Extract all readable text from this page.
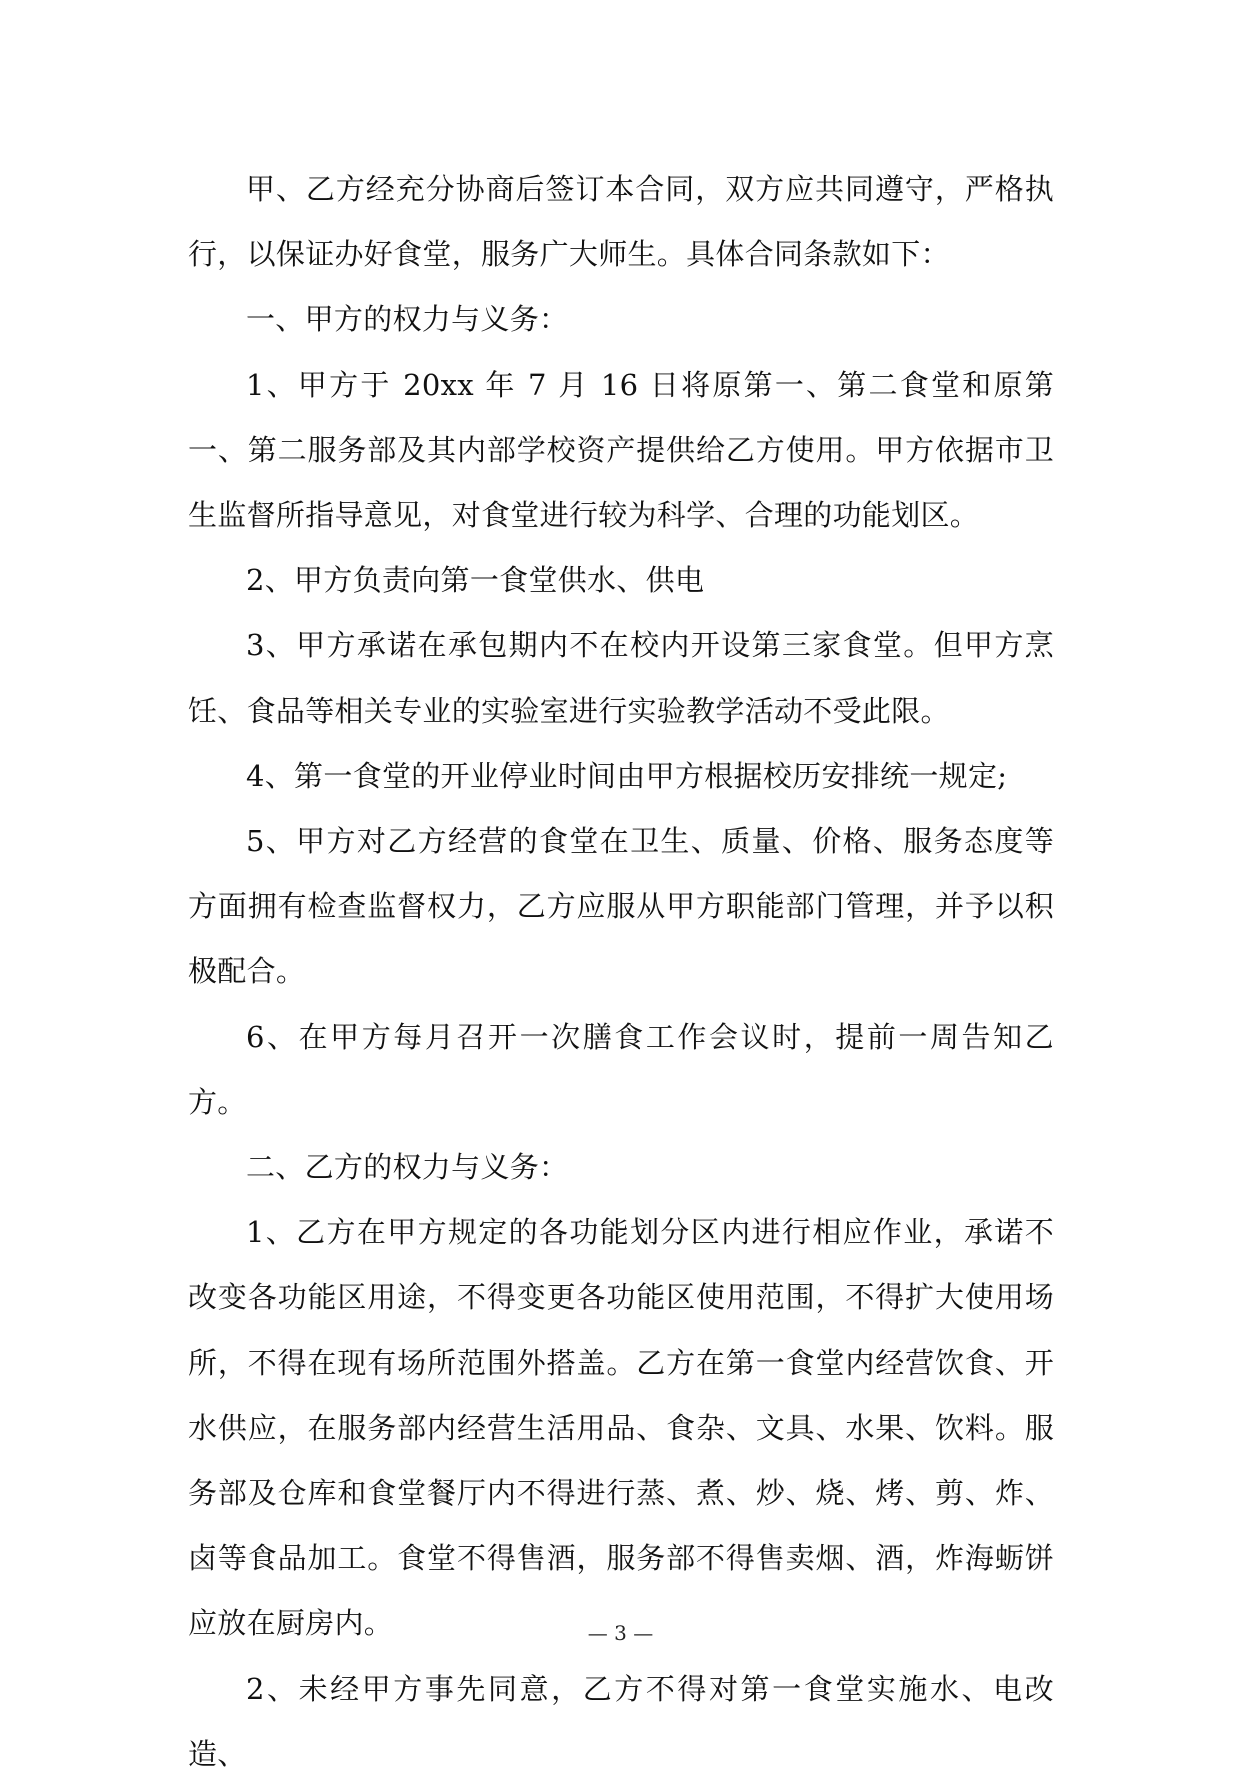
甲、乙方经充分协商后签订本合同，双方应共同遵守，严格执行，以保证办好食堂，服务广大师生。具体合同条款如下：

一、甲方的权力与义务：

1、甲方于 20xx 年 7 月 16 日将原第一、第二食堂和原第一、第二服务部及其内部学校资产提供给乙方使用。甲方依据市卫生监督所指导意见，对食堂进行较为科学、合理的功能划区。

2、甲方负责向第一食堂供水、供电

3、甲方承诺在承包期内不在校内开设第三家食堂。但甲方烹饪、食品等相关专业的实验室进行实验教学活动不受此限。

4、第一食堂的开业停业时间由甲方根据校历安排统一规定;

5、甲方对乙方经营的食堂在卫生、质量、价格、服务态度等方面拥有检查监督权力，乙方应服从甲方职能部门管理，并予以积极配合。

6、在甲方每月召开一次膳食工作会议时，提前一周告知乙方。

二、乙方的权力与义务：

1、乙方在甲方规定的各功能划分区内进行相应作业，承诺不改变各功能区用途，不得变更各功能区使用范围，不得扩大使用场所，不得在现有场所范围外搭盖。乙方在第一食堂内经营饮食、开水供应，在服务部内经营生活用品、食杂、文具、水果、饮料。服务部及仓库和食堂餐厅内不得进行蒸、煮、炒、烧、烤、剪、炸、卤等食品加工。食堂不得售酒，服务部不得售卖烟、酒，炸海蛎饼应放在厨房内。

2、未经甲方事先同意，乙方不得对第一食堂实施水、电改造、

— 3 —
